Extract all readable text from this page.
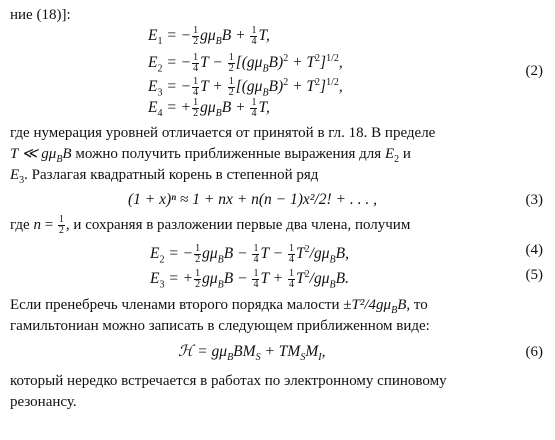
ние (18)]:
$E_1$ = − $\frac{1}{2} g\mu_BB + \frac{1}{4} T$,
$E_2$ = − $\frac{1}{4}$ $T - \frac{1}{2} [(g\mu_BB)^2 + T^2]^{1/2}$,	(2)
$E_3$ = − $\frac{1}{4}$ $T + \frac{1}{2} [(g\mu_BB)^2 + T^2]^{1/2}$,
$E_4$ = + $\frac{1}{2} g\mu_BB + \frac{1}{4} T$,
где нумерация уровней отличается от принятой в гл. 18. В пределе
T ≪ $g\mu_BB$ можно получить приближенные выражения для $E_2$ и
$E_3$. Разлагая квадратный корень в степенной ряд
(1 + x)ⁿ ≈ 1 + nx + n(n − 1)x²/2! + . . . ,	(3)
где $n = \frac{1}{2}$ , и сохраняя в разложении первые два члена, получим
$E_2$ = − $\frac{1}{2} g\mu_BB - \frac{1}{4}$ $T - \frac{1}{4} T^2/g\mu_BB$,	(4)
$E_3$ = + $\frac{1}{2} g\mu_BB - \frac{1}{4}$ $T + \frac{1}{4} T^2/g\mu_BB$.	(5)
Если пренебречь членами второго порядка малости $\pm T^2/4g\mu_BB$, то
гамильтониан можно записать в следующем приближенном виде:
ℋ = $g\mu_BBM_S + TM_SM_I$,	(6)
который нередко встречается в работах по электронному спиновому
резонансу.
